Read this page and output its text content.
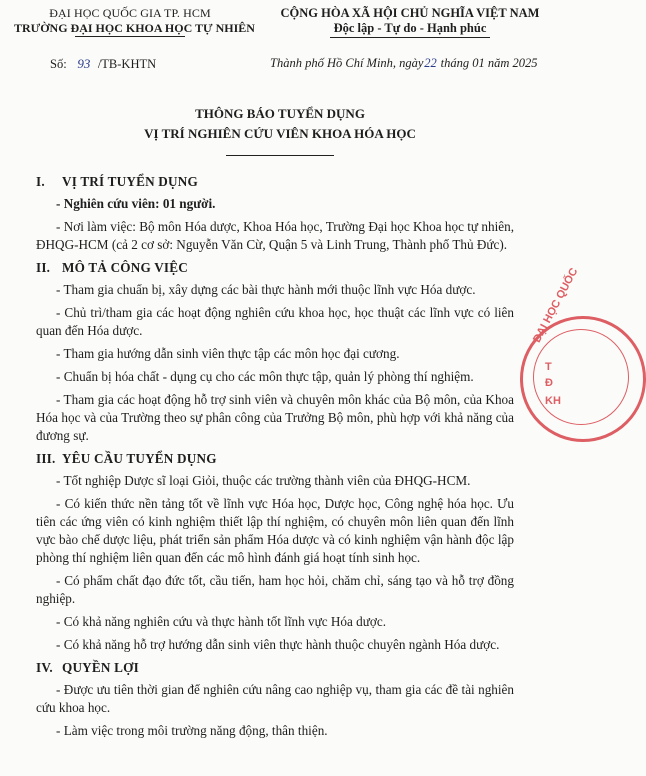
ĐẠI HỌC QUỐC GIA TP. HCM
TRƯỜNG ĐẠI HỌC KHOA HỌC TỰ NHIÊN
CỘNG HÒA XÃ HỘI CHỦ NGHĨA VIỆT NAM
Độc lập - Tự do - Hạnh phúc
Số: 93 /TB-KHTN	Thành phố Hồ Chí Minh, ngày22 tháng 01 năm 2025
THÔNG BÁO TUYỂN DỤNG
VỊ TRÍ NGHIÊN CỨU VIÊN KHOA HÓA HỌC
I. VỊ TRÍ TUYỂN DỤNG

- Nghiên cứu viên: 01 người.

- Nơi làm việc: Bộ môn Hóa dược, Khoa Hóa học, Trường Đại học Khoa học tự nhiên, ĐHQG-HCM (cả 2 cơ sở: Nguyễn Văn Cừ, Quận 5 và Linh Trung, Thành phố Thủ Đức).

II. MÔ TẢ CÔNG VIỆC

- Tham gia chuẩn bị, xây dựng các bài thực hành mới thuộc lĩnh vực Hóa dược.

- Chủ trì/tham gia các hoạt động nghiên cứu khoa học, học thuật các lĩnh vực có liên quan đến Hóa dược.

- Tham gia hướng dẫn sinh viên thực tập các môn học đại cương.

- Chuẩn bị hóa chất - dụng cụ cho các môn thực tập, quản lý phòng thí nghiệm.

- Tham gia các hoạt động hỗ trợ sinh viên và chuyên môn khác của Bộ môn, của Khoa Hóa học và của Trường theo sự phân công của Trưởng Bộ môn, phù hợp với khả năng của đương sự.

III. YÊU CẦU TUYỂN DỤNG

- Tốt nghiệp Dược sĩ loại Giỏi, thuộc các trường thành viên của ĐHQG-HCM.

- Có kiến thức nền tảng tốt về lĩnh vực Hóa học, Dược học, Công nghệ hóa học. Ưu tiên các ứng viên có kinh nghiệm thiết lập thí nghiệm, có chuyên môn liên quan đến lĩnh vực bào chế dược liệu, phát triển sản phẩm Hóa dược và có kinh nghiệm vận hành độc lập phòng thí nghiệm liên quan đến các mô hình đánh giá hoạt tính sinh học.

- Có phẩm chất đạo đức tốt, cầu tiến, ham học hỏi, chăm chỉ, sáng tạo và hỗ trợ đồng nghiệp.

- Có khả năng nghiên cứu và thực hành tốt lĩnh vực Hóa dược.

- Có khả năng hỗ trợ hướng dẫn sinh viên thực hành thuộc chuyên ngành Hóa dược.

IV. QUYỀN LỢI

- Được ưu tiên thời gian để nghiên cứu nâng cao nghiệp vụ, tham gia các đề tài nghiên cứu khoa học.

- Làm việc trong môi trường năng động, thân thiện.

ĐẠI HỌC QUỐC
T
Đ
KH
